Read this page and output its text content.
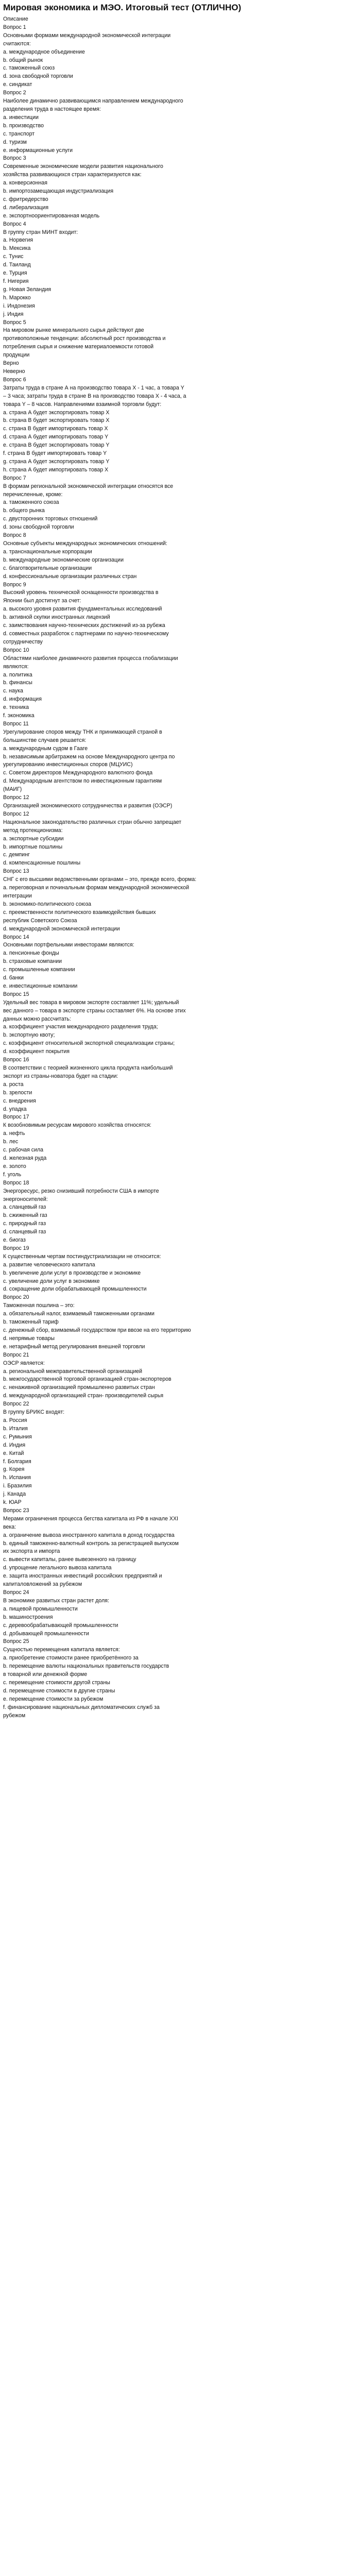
Мировая экономика и МЭО. Итоговый тест (ОТЛИЧНО)
Описание
Вопрос 1
Основными формами международной экономической интеграции
считаются:
a. международное объединение
b. общий рынок
c. таможенный союз
d. зона свободной торговли
e. синдикат
Вопрос 2
Наиболее динамично развивающимся направлением международного
разделения труда в настоящее время:
a. инвестиции
b. производство
c. транспорт
d. туризм
e. информационные услуги
Вопрос 3
Современные экономические модели развития национального
хозяйства развивающихся стран характеризуются как:
a. конверсионная
b. импортозамещающая индустриализация
c. фритредерство
d. либерализация
e. экспортноориентированная модель
Вопрос 4
В группу стран МИНТ входит:
a. Норвегия
b. Мексика
c. Тунис
d. Таиланд
e. Турция
f. Нигерия
g. Новая Зеландия
h. Марокко
i. Индонезия
j. Индия
Вопрос 5
На мировом рынке минерального сырья действуют две
противоположные тенденции: абсолютный рост производства и
потребления сырья и снижение материалоемкости готовой
продукции
Верно
Неверно
Вопрос 6
Затраты труда в стране А на производство товара X - 1 час, а товара Y
– 3 часа; затраты труда в стране В на производство товара X - 4 часа, а
товара Y – 8 часов. Направлениями взаимной торговли будут:
a. страна А будет экспортировать товар X
b. страна В будет экспортировать товар X
c. страна В будет импортировать товар X
d. страна А будет импортировать товар Y
e. страна В будет экспортировать товар Y
f. страна В будет импортировать товар Y
g. страна А будет экспортировать товар Y
h. страна А будет импортировать товар X
Вопрос 7
В формам региональной экономической интеграции относятся все
перечисленные, кроме:
a. таможенного союза
b. общего рынка
c. двусторонних торговых отношений
d. зоны свободной торговли
Вопрос 8
Основные субъекты международных экономических отношений:
a. транснациональные корпорации
b. международные экономические организации
c. благотворительные организации
d. конфессиональные организации различных стран
Вопрос 9
Высокий уровень технической оснащенности производства в
Японии был достигнут за счет:
a. высокого уровня развития фундаментальных исследований
b. активной скупки иностранных лицензий
c. заимствования научно-технических достижений из-за рубежа
d. совместных разработок с партнерами по научно-техническому
сотрудничеству
Вопрос 10
Областями наиболее динамичного развития процесса глобализации
являются:
a. политика
b. финансы
c. наука
d. информация
e. техника
f. экономика
Вопрос 11
Урегулирование споров между ТНК и принимающей страной в
большинстве случаев решается:
a. международным судом в Гааге
b. независимым арбитражем на основе Международного центра по
урегулированию инвестиционных споров (МЦУИС)
c. Советом директоров Международного валютного фонда
d. Международным агентством по инвестиционным гарантиям
(МАИГ)
Вопрос 12
Организацией экономического сотрудничества и развития (ОЭСР)
Вопрос 12
Национальное законодательство различных стран обычно запрещает
метод протекционизма:
a. экспортные субсидии
b. импортные пошлины
c. демпинг
d. компенсационные пошлины
Вопрос 13
СНГ с его высшими ведомственными органами – это, прежде всего, форма:
a. переговорная и починальным формам международной экономической
интеграции
b. экономико-политического союза
c. преемственности политического взаимодействия бывших
республик Советского Союза
d. международной экономической интеграции
Вопрос 14
Основными портфельными инвесторами являются:
a. пенсионные фонды
b. страховые компании
c. промышленные компании
d. банки
e. инвестиционные компании
Вопрос 15
Удельный вес товара в мировом экспорте составляет 11%; удельный
вес данного – товара в экспорте страны составляет 6%. На основе этих
данных можно рассчитать:
a. коэффициент участия международного разделения труда;
b. экспортную квоту;
c. коэффициент относительной экспортной специализации страны;
d. коэффициент покрытия
Вопрос 16
В соответствии с теорией жизненного цикла продукта наибольший
экспорт из страны-новатора будет на стадии:
a. роста
b. зрелости
c. внедрения
d. упадка
Вопрос 17
К возобновимым ресурсам мирового хозяйства относятся:
a. нефть
b. лес
c. рабочая сила
d. железная руда
e. золото
f. уголь
Вопрос 18
Энергоресурс, резко снизивший потребности США в импорте
энергоносителей:
a. сланцевый газ
b. сжиженный газ
c. природный газ
d. сланцевый газ
e. биогаз
Вопрос 19
К существенным чертам постиндустриализации не относится:
a. развитие человеческого капитала
b. увеличение доли услуг в производстве и экономике
c. увеличение доли услуг в экономике
d. сокращение доли обрабатывающей промышленности
Вопрос 20
Таможенная пошлина – это:
a. обязательный налог, взимаемый таможенными органами
b. таможенный тариф
c. денежный сбор, взимаемый государством при ввозе на его территорию
d. непрямые товары
e. нетарифный метод регулирования внешней торговли
Вопрос 21
ОЭСР является:
a. региональной межправительственной организацией
b. межгосударственной торговой организацией стран-экспортеров
c. ненаживной организацией промышленно развитых стран
d. международной организацией стран- производителей сырья
Вопрос 22
В группу БРИКС входят:
a. Россия
b. Италия
c. Румыния
d. Индия
e. Китай
f. Болгария
g. Корея
h. Испания
i. Бразилия
j. Канада
k. ЮАР
Вопрос 23
Мерами ограничения процесса бегства капитала из РФ в начале XXI
века:
a. ограничение вывоза иностранного капитала в доход государства
b. единый таможенно-валютный контроль за регистрацией выпуском
их экспорта и импорта
c. вывести капиталы, ранее вывезенного на границу
d. упрощение легального вывоза капитала
e. защита иностранных инвестиций российских предприятий и
капиталовложений за рубежом
Вопрос 24
В экономике развитых стран растет доля:
a. пищевой промышленности
b. машиностроения
c. деревообрабатывающей промышленности
d. добывающей промышленности
Вопрос 25
Сущностью перемещения капитала является:
a. приобретение стоимости ранее приобретённого за
b. перемещение валюты национальных правительств государств
в товарной или денежной форме
c. перемещение стоимости другой страны
d. перемещение стоимости в другие страны
e. перемещение стоимости за рубежом
f. финансирование национальных дипломатических служб за
рубежом
